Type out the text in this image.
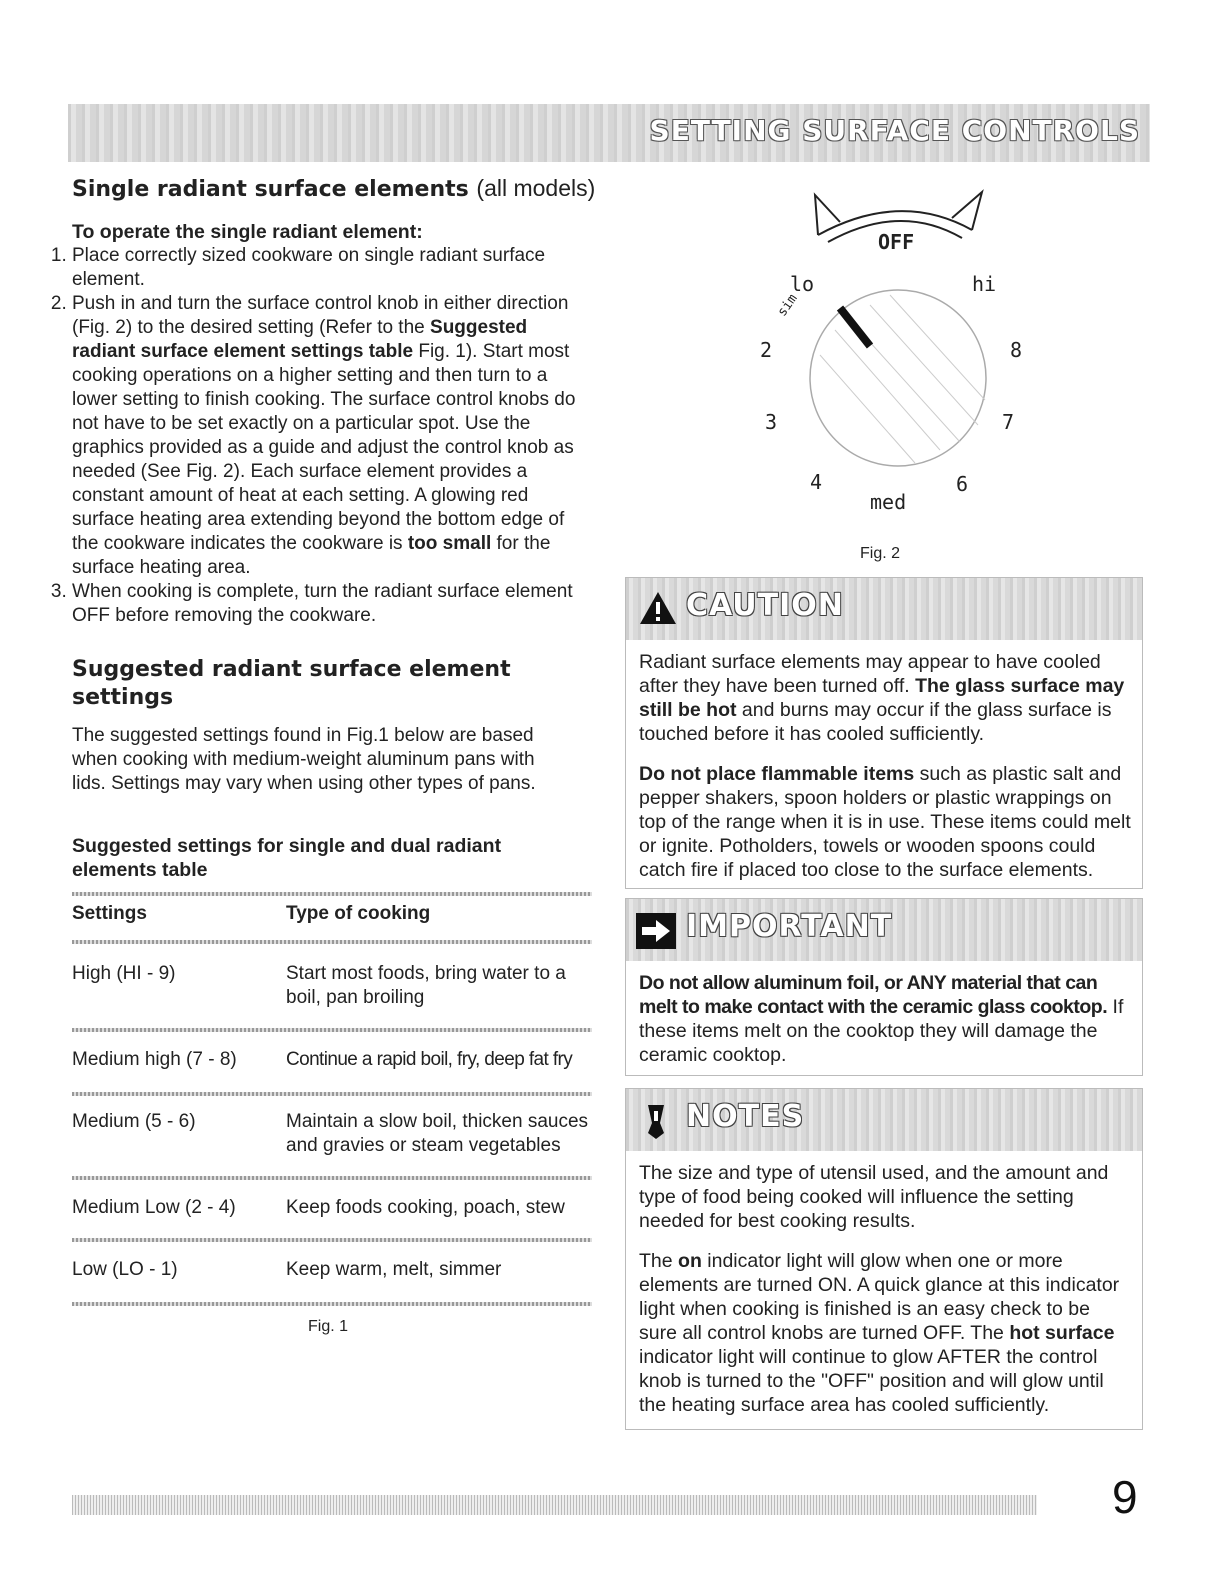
SETTING SURFACE CONTROLS
Single radiant surface elements (all models)
To operate the single radiant element:
1. Place correctly sized cookware on single radiant surface element.
2. Push in and turn the surface control knob in either direction (Fig. 2) to the desired setting (Refer to the Suggested radiant surface element settings table Fig. 1). Start most cooking operations on a higher setting and then turn to a lower setting to finish cooking. The surface control knobs do not have to be set exactly on a particular spot. Use the graphics provided as a guide and adjust the control knob as needed (See Fig. 2). Each surface element provides a constant amount of heat at each setting. A glowing red surface heating area extending beyond the bottom edge of the cookware indicates the cookware is too small for the surface heating area.
3. When cooking is complete, turn the radiant surface element OFF before removing the cookware.
Suggested radiant surface element settings
The suggested settings found in Fig.1 below are based when cooking with medium-weight aluminum pans with lids. Settings may vary when using other types of pans.
Suggested settings for single and dual radiant elements table
Settings	Type of cooking

High (HI - 9)	Start most foods, bring water to a boil, pan broiling

Medium high (7 - 8)	Continue a rapid boil, fry, deep fat fry

Medium (5 - 6)	Maintain a slow boil, thicken sauces and gravies or steam vegetables

Medium Low (2 - 4)	Keep foods cooking, poach, stew

Low (LO - 1)	Keep warm, melt, simmer

Fig. 1
OFF
lo
sim
hi
2	8
3	7
4	6
med
Fig. 2
CAUTION

Radiant surface elements may appear to have cooled after they have been turned off. The glass surface may still be hot and burns may occur if the glass surface is touched before it has cooled sufficiently.

Do not place flammable items such as plastic salt and pepper shakers, spoon holders or plastic wrappings on top of the range when it is in use. These items could melt or ignite. Potholders, towels or wooden spoons could catch fire if placed too close to the surface elements.

IMPORTANT

Do not allow aluminum foil, or ANY material that can melt to make contact with the ceramic glass cooktop. If these items melt on the cooktop they will damage the ceramic cooktop.

NOTES

The size and type of utensil used, and the amount and type of food being cooked will influence the setting needed for best cooking results.

The on indicator light will glow when one or more elements are turned ON. A quick glance at this indicator light when cooking is finished is an easy check to be sure all control knobs are turned OFF. The hot surface indicator light will continue to glow AFTER the control knob is turned to the "OFF" position and will glow until the heating surface area has cooled sufficiently.

9
